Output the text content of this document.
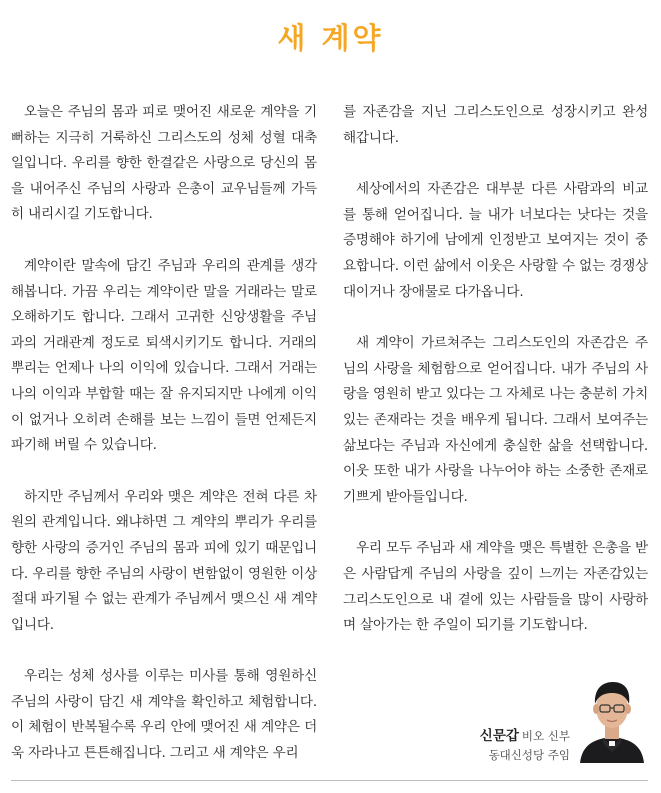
새 계약

오늘은 주님의 몸과 피로 맺어진 새로운 계약을 기뻐하는 지극히 거룩하신 그리스도의 성체 성혈 대축일입니다. 우리를 향한 한결같은 사랑으로 당신의 몸을 내어주신 주님의 사랑과 은총이 교우님들께 가득히 내리시길 기도합니다.

계약이란 말속에 담긴 주님과 우리의 관계를 생각해봅니다. 가끔 우리는 계약이란 말을 거래라는 말로 오해하기도 합니다. 그래서 고귀한 신앙생활을 주님과의 거래관계 정도로 퇴색시키기도 합니다. 거래의 뿌리는 언제나 나의 이익에 있습니다. 그래서 거래는 나의 이익과 부합할 때는 잘 유지되지만 나에게 이익이 없거나 오히려 손해를 보는 느낌이 들면 언제든지 파기해 버릴 수 있습니다.

하지만 주님께서 우리와 맺은 계약은 전혀 다른 차원의 관계입니다. 왜냐하면 그 계약의 뿌리가 우리를 향한 사랑의 증거인 주님의 몸과 피에 있기 때문입니다. 우리를 향한 주님의 사랑이 변함없이 영원한 이상 절대 파기될 수 없는 관계가 주님께서 맺으신 새 계약입니다.

우리는 성체 성사를 이루는 미사를 통해 영원하신 주님의 사랑이 담긴 새 계약을 확인하고 체험합니다. 이 체험이 반복될수록 우리 안에 맺어진 새 계약은 더욱 자라나고 튼튼해집니다. 그리고 새 계약은 우리

를 자존감을 지닌 그리스도인으로 성장시키고 완성해갑니다.

세상에서의 자존감은 대부분 다른 사람과의 비교를 통해 얻어집니다. 늘 내가 너보다는 낫다는 것을 증명해야 하기에 남에게 인정받고 보여지는 것이 중요합니다. 이런 삶에서 이웃은 사랑할 수 없는 경쟁상대이거나 장애물로 다가옵니다.

새 계약이 가르쳐주는 그리스도인의 자존감은 주님의 사랑을 체험함으로 얻어집니다. 내가 주님의 사랑을 영원히 받고 있다는 그 자체로 나는 충분히 가치 있는 존재라는 것을 배우게 됩니다. 그래서 보여주는 삶보다는 주님과 자신에게 충실한 삶을 선택합니다. 이웃 또한 내가 사랑을 나누어야 하는 소중한 존재로 기쁘게 받아들입니다.

우리 모두 주님과 새 계약을 맺은 특별한 은총을 받은 사람답게 주님의 사랑을 깊이 느끼는 자존감있는 그리스도인으로 내 곁에 있는 사람들을 많이 사랑하며 살아가는 한 주일이 되기를 기도합니다.

신문갑 비오 신부
동대신성당 주임
